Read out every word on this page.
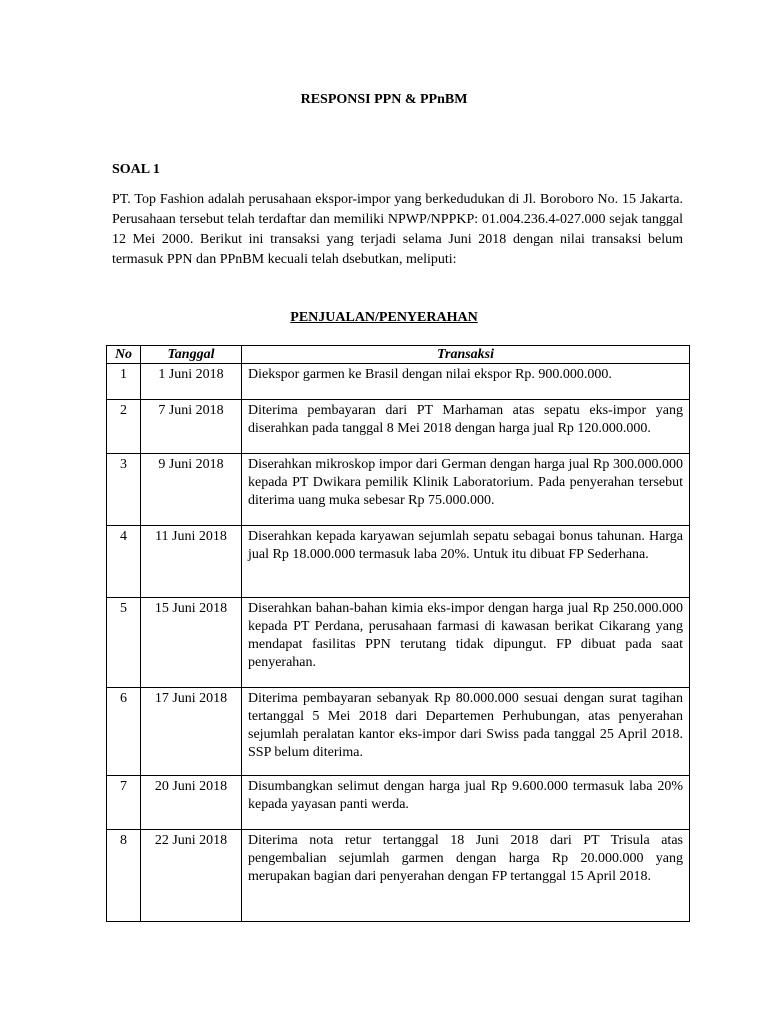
RESPONSI PPN & PPnBM
SOAL 1

PT. Top Fashion adalah perusahaan ekspor-impor yang berkedudukan di Jl. Boroboro No. 15 Jakarta. Perusahaan tersebut telah terdaftar dan memiliki NPWP/NPPKP: 01.004.236.4-027.000 sejak tanggal 12 Mei 2000. Berikut ini transaksi yang terjadi selama Juni 2018 dengan nilai transaksi belum termasuk PPN dan PPnBM kecuali telah dsebutkan, meliputi:

PENJUALAN/PENYERAHAN
No	Tanggal	Transaksi
1	1 Juni 2018	Diekspor garmen ke Brasil dengan nilai ekspor Rp. 900.000.000.
2	7 Juni 2018	Diterima pembayaran dari PT Marhaman atas sepatu eks-impor yang diserahkan pada tanggal 8 Mei 2018 dengan harga jual Rp 120.000.000.
3	9 Juni 2018	Diserahkan mikroskop impor dari German dengan harga jual Rp 300.000.000 kepada PT Dwikara pemilik Klinik Laboratorium. Pada penyerahan tersebut diterima uang muka sebesar Rp 75.000.000.
4	11 Juni 2018	Diserahkan kepada karyawan sejumlah sepatu sebagai bonus tahunan. Harga jual Rp 18.000.000 termasuk laba 20%. Untuk itu dibuat FP Sederhana.
5	15 Juni 2018	Diserahkan bahan-bahan kimia eks-impor dengan harga jual Rp 250.000.000 kepada PT Perdana, perusahaan farmasi di kawasan berikat Cikarang yang mendapat fasilitas PPN terutang tidak dipungut. FP dibuat pada saat penyerahan.
6	17 Juni 2018	Diterima pembayaran sebanyak Rp 80.000.000 sesuai dengan surat tagihan tertanggal 5 Mei 2018 dari Departemen Perhubungan, atas penyerahan sejumlah peralatan kantor eks-impor dari Swiss pada tanggal 25 April 2018. SSP belum diterima.
7	20 Juni 2018	Disumbangkan selimut dengan harga jual Rp 9.600.000 termasuk laba 20% kepada yayasan panti werda.
8	22 Juni 2018	Diterima nota retur tertanggal 18 Juni 2018 dari PT Trisula atas pengembalian sejumlah garmen dengan harga Rp 20.000.000 yang merupakan bagian dari penyerahan dengan FP tertanggal 15 April 2018.
